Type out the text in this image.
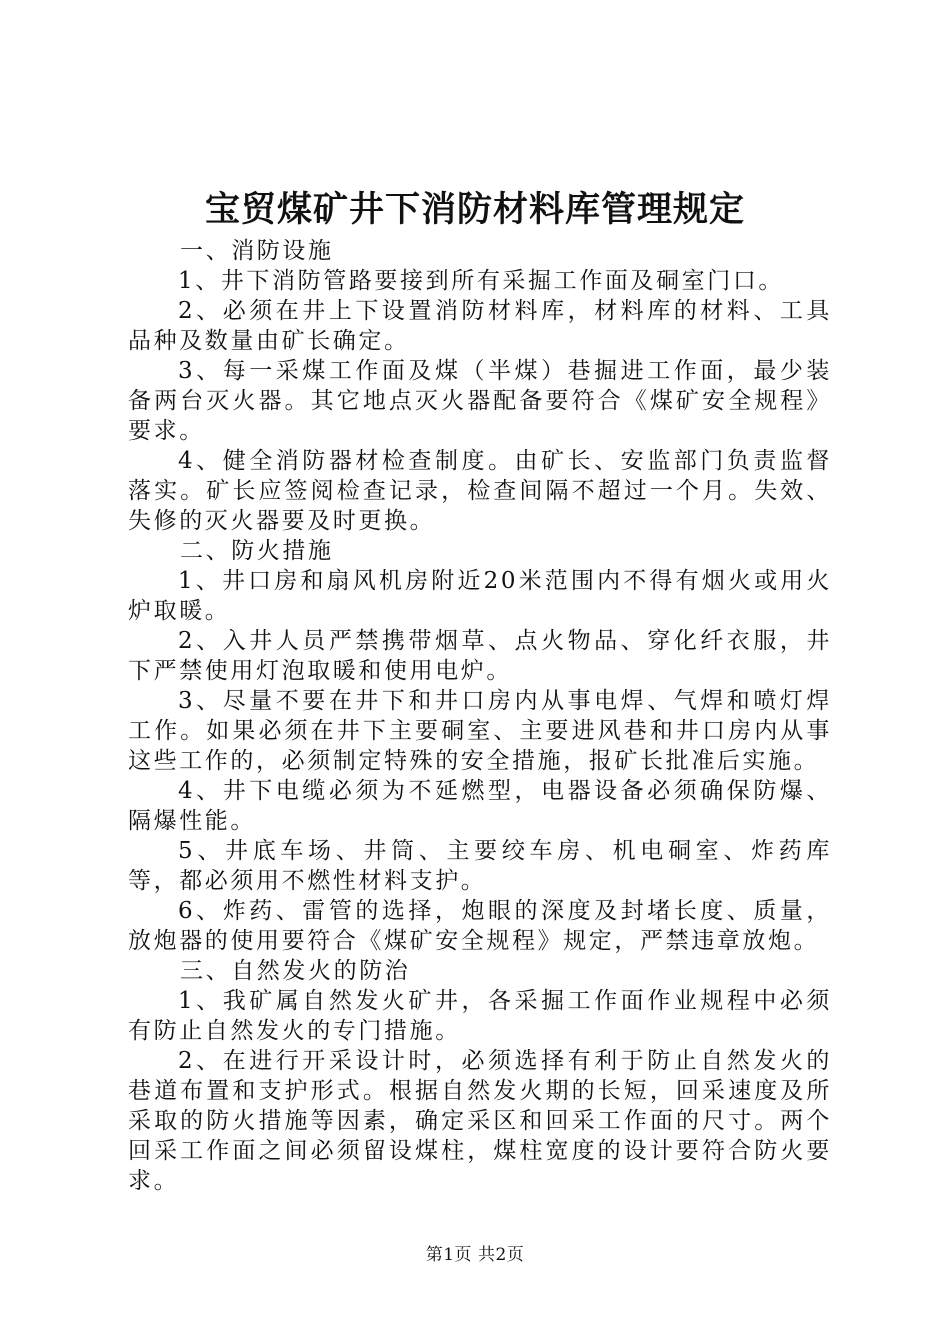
宝贸煤矿井下消防材料库管理规定

一、消防设施

1、井下消防管路要接到所有采掘工作面及硐室门口。

2、必须在井上下设置消防材料库，材料库的材料、工具品种及数量由矿长确定。

3、每一采煤工作面及煤（半煤）巷掘进工作面，最少装备两台灭火器。其它地点灭火器配备要符合《煤矿安全规程》要求。

4、健全消防器材检查制度。由矿长、安监部门负责监督落实。矿长应签阅检查记录，检查间隔不超过一个月。失效、失修的灭火器要及时更换。

二、防火措施

1、井口房和扇风机房附近20米范围内不得有烟火或用火炉取暖。

2、入井人员严禁携带烟草、点火物品、穿化纤衣服，井下严禁使用灯泡取暖和使用电炉。

3、尽量不要在井下和井口房内从事电焊、气焊和喷灯焊工作。如果必须在井下主要硐室、主要进风巷和井口房内从事这些工作的，必须制定特殊的安全措施，报矿长批准后实施。

4、井下电缆必须为不延燃型，电器设备必须确保防爆、隔爆性能。

5、井底车场、井筒、主要绞车房、机电硐室、炸药库等，都必须用不燃性材料支护。

6、炸药、雷管的选择，炮眼的深度及封堵长度、质量，放炮器的使用要符合《煤矿安全规程》规定，严禁违章放炮。

三、自然发火的防治

1、我矿属自然发火矿井，各采掘工作面作业规程中必须有防止自然发火的专门措施。

2、在进行开采设计时，必须选择有利于防止自然发火的巷道布置和支护形式。根据自然发火期的长短，回采速度及所采取的防火措施等因素，确定采区和回采工作面的尺寸。两个回采工作面之间必须留设煤柱，煤柱宽度的设计要符合防火要求。

第1页 共2页
